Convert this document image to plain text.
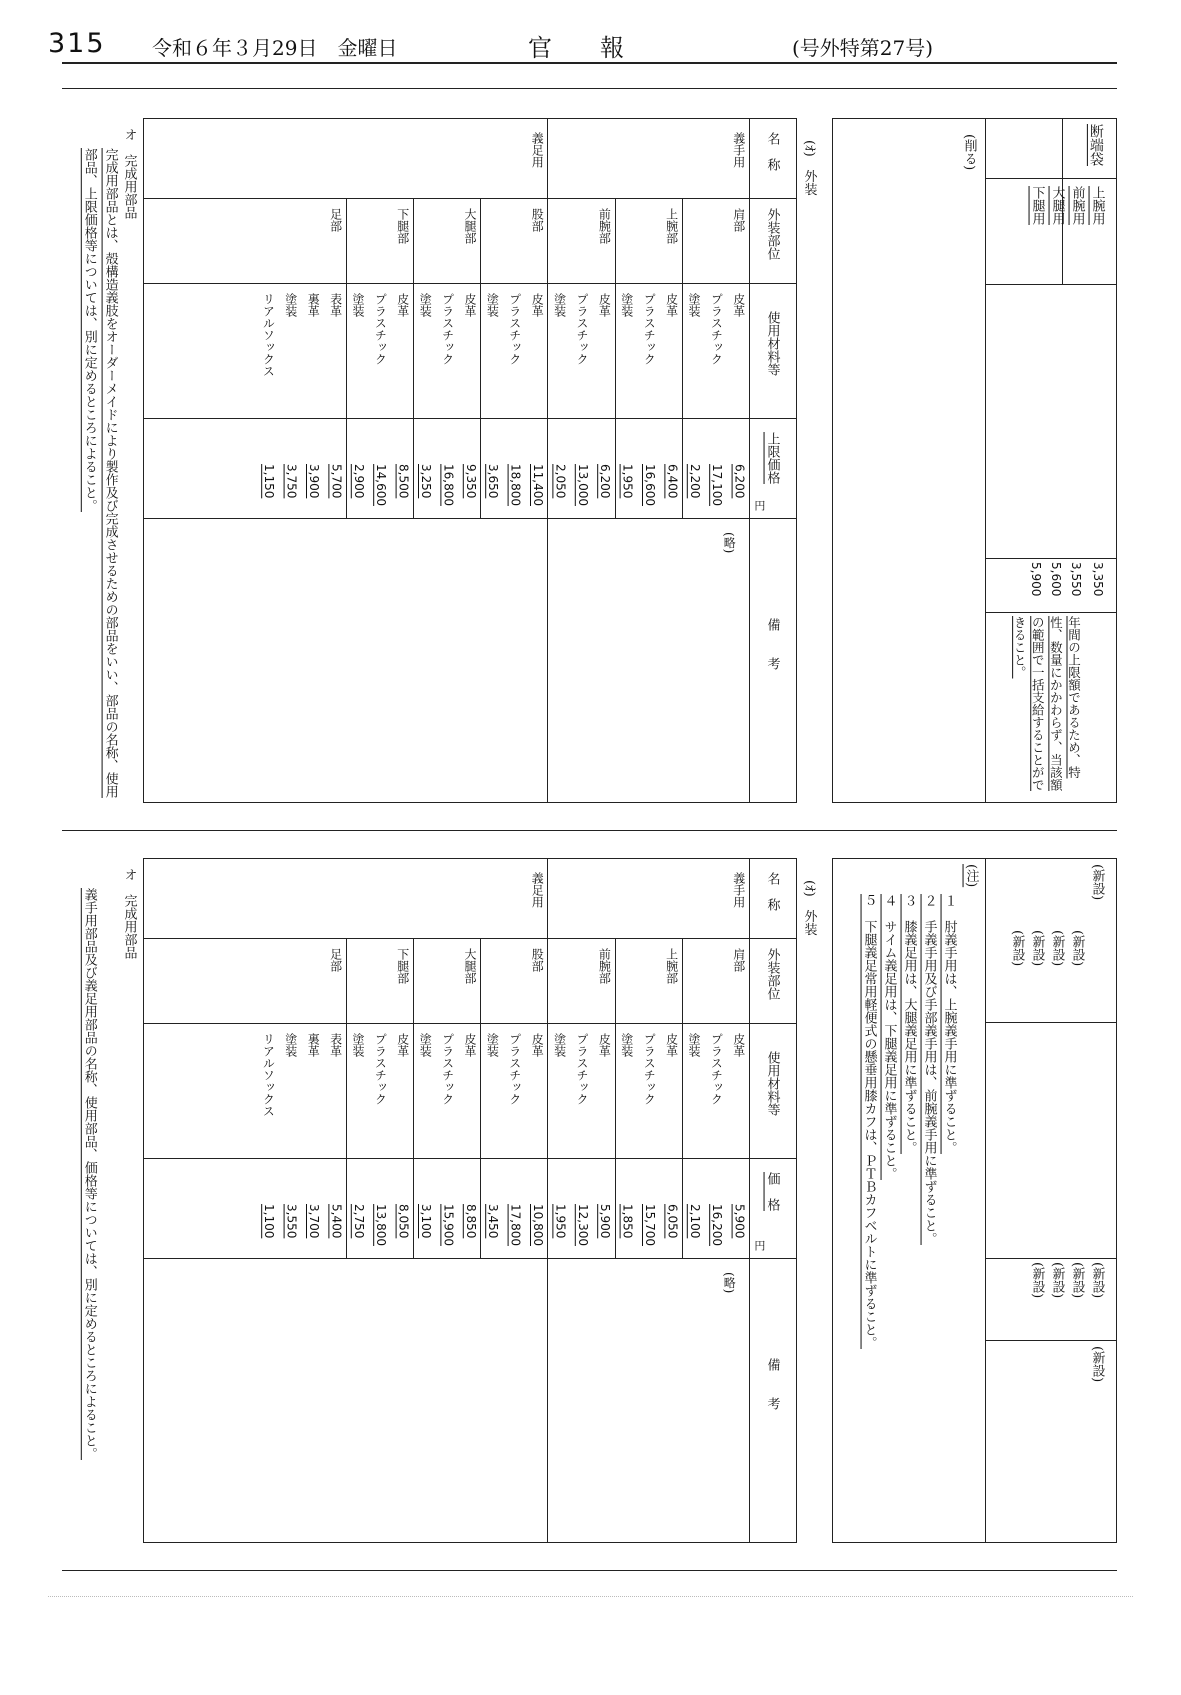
315 令和６年３月29日　金曜日	官報	(号外特第27号)
断端袋
上腕用
前腕用
大腿用
下腿用
3,350
3,550
5,600
5,900
年間の上限額であるため、特性、数量にかかわらず、当該額の範囲で一括支給することができること。
(削る)
(ｵ)　外装
名　称
外装部位
使用材料等
上限価格
円
備　　考
皮革
6,200
プラスチック
17,100
塗装
2,200
肩部
皮革
6,400
プラスチック
16,600
塗装
1,950
上腕部
皮革
6,200
プラスチック
13,000
塗装
2,050
前腕部
義手用
皮革
11,400
プラスチック
18,800
塗装
3,650
股部
皮革
9,350
プラスチック
16,800
塗装
3,250
大腿部
皮革
8,500
プラスチック
14,600
塗装
2,900
下腿部
表革
5,700
裏革
3,900
塗装
3,750
リアルソックス
1,150
足部
義足用
(略)
オ　完成用部品
完成用部品とは、殻構造義肢をオーダーメイドにより製作及び完成させるための部品をいい、部品の名称、使用部品、上限価格等については、別に定めるところによること。
(新設)
(新設)
(新設)
(新設)
(新設)
(新設)
(新設)
(新設)
(新設)
(新設)
(注)
１　肘義手用は、上腕義手用に準ずること。
２　手義手用及び手部義手用は、前腕義手用に準ずること。
３　膝義足用は、大腿義足用に準ずること。
４　サイム義足用は、下腿義足用に準ずること。
５　下腿義足常用軽便式の懸垂用膝カフは、ＰＴＢカフベルトに準ずること。
(ｵ)　外装
名　称
外装部位
使用材料等
価　格
円
備　　考
皮革
5,900
プラスチック
16,200
塗装
2,100
肩部
皮革
6,050
プラスチック
15,700
塗装
1,850
上腕部
皮革
5,900
プラスチック
12,300
塗装
1,950
前腕部
義手用
皮革
10,800
プラスチック
17,800
塗装
3,450
股部
皮革
8,850
プラスチック
15,900
塗装
3,100
大腿部
皮革
8,050
プラスチック
13,800
塗装
2,750
下腿部
表革
5,400
裏革
3,700
塗装
3,550
リアルソックス
1,100
足部
義足用
(略)
オ　完成用部品
義手用部品及び義足用部品の名称、使用部品、価格等については、別に定めるところによること。
